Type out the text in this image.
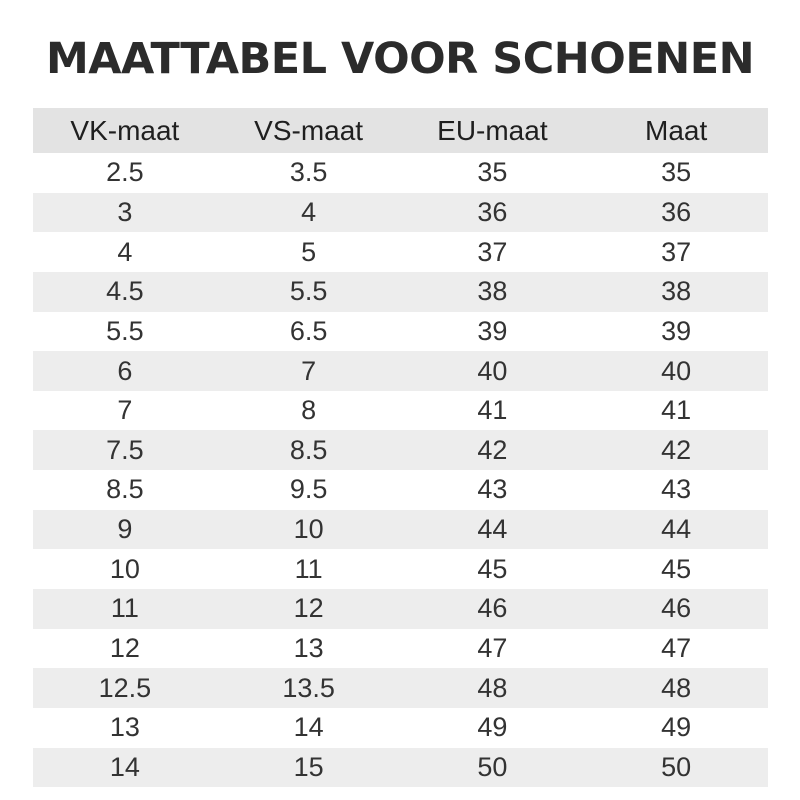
MAATTABEL VOOR SCHOENEN
VK-maat	VS-maat	EU-maat	Maat
2.5	3.5	35	35
3	4	36	36
4	5	37	37
4.5	5.5	38	38
5.5	6.5	39	39
6	7	40	40
7	8	41	41
7.5	8.5	42	42
8.5	9.5	43	43
9	10	44	44
10	11	45	45
11	12	46	46
12	13	47	47
12.5	13.5	48	48
13	14	49	49
14	15	50	50
